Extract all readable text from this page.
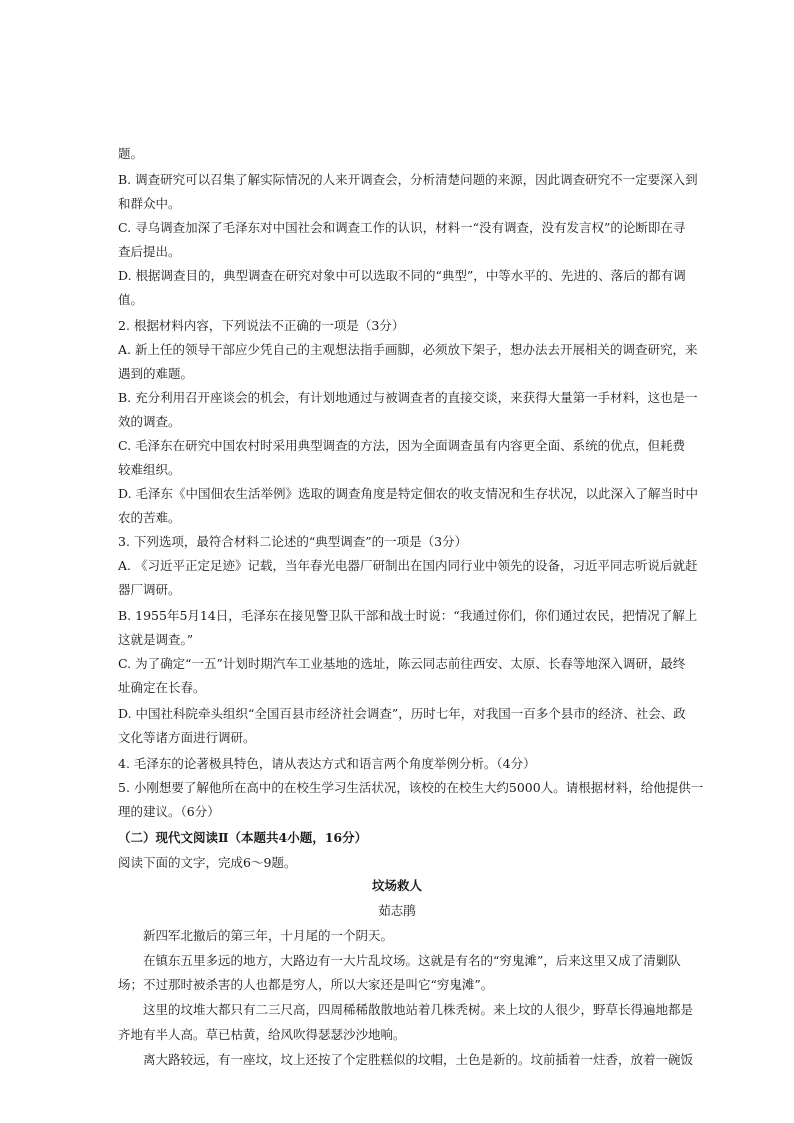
题。
B. 调查研究可以召集了解实际情况的人来开调查会，分析清楚问题的来源，因此调查研究不一定要深入到
和群众中。
C. 寻乌调查加深了毛泽东对中国社会和调查工作的认识，材料一“没有调查，没有发言权”的论断即在寻
查后提出。
D. 根据调查目的，典型调查在研究对象中可以选取不同的“典型”，中等水平的、先进的、落后的都有调
值。
2. 根据材料内容，下列说法不正确的一项是（3分）
A. 新上任的领导干部应少凭自己的主观想法指手画脚，必须放下架子，想办法去开展相关的调查研究，来
遇到的难题。
B. 充分利用召开座谈会的机会，有计划地通过与被调查者的直接交谈，来获得大量第一手材料，这也是一
效的调查。
C. 毛泽东在研究中国农村时采用典型调查的方法，因为全面调查虽有内容更全面、系统的优点，但耗费
较难组织。
D. 毛泽东《中国佃农生活举例》选取的调查角度是特定佃农的收支情况和生存状况，以此深入了解当时中
农的苦难。
3. 下列选项，最符合材料二论述的“典型调查”的一项是（3分）
A. 《习近平正定足迹》记载，当年春光电器厂研制出在国内同行业中领先的设备，习近平同志听说后就赶
器厂调研。
B. 1955年5月14日，毛泽东在接见警卫队干部和战士时说：“我通过你们，你们通过农民，把情况了解上
这就是调查。”
C. 为了确定“一五”计划时期汽车工业基地的选址，陈云同志前往西安、太原、长春等地深入调研，最终
址确定在长春。
D. 中国社科院牵头组织“全国百县市经济社会调查”，历时七年，对我国一百多个县市的经济、社会、政
文化等诸方面进行调研。
4. 毛泽东的论著极具特色，请从表达方式和语言两个角度举例分析。（4分）
5. 小刚想要了解他所在高中的在校生学习生活状况，该校的在校生大约5000人。请根据材料，给他提供一
理的建议。（6分）
（二）现代文阅读Ⅱ（本题共4小题，16分）
阅读下面的文字，完成6～9题。
坟场救人
茹志鹃
新四军北撤后的第三年，十月尾的一个阴天。
在镇东五里多远的地方，大路边有一大片乱坟场。这就是有名的“穷鬼滩”，后来这里又成了清剿队
场；不过那时被杀害的人也都是穷人，所以大家还是叫它“穷鬼滩”。
这里的坟堆大都只有二三尺高，四周稀稀散散地站着几株秃树。来上坟的人很少，野草长得遍地都是
齐地有半人高。草已枯黄，给风吹得瑟瑟沙沙地响。
离大路较远，有一座坟，坟上还按了个定胜糕似的坟帽，土色是新的。坟前插着一炷香，放着一碗饭
